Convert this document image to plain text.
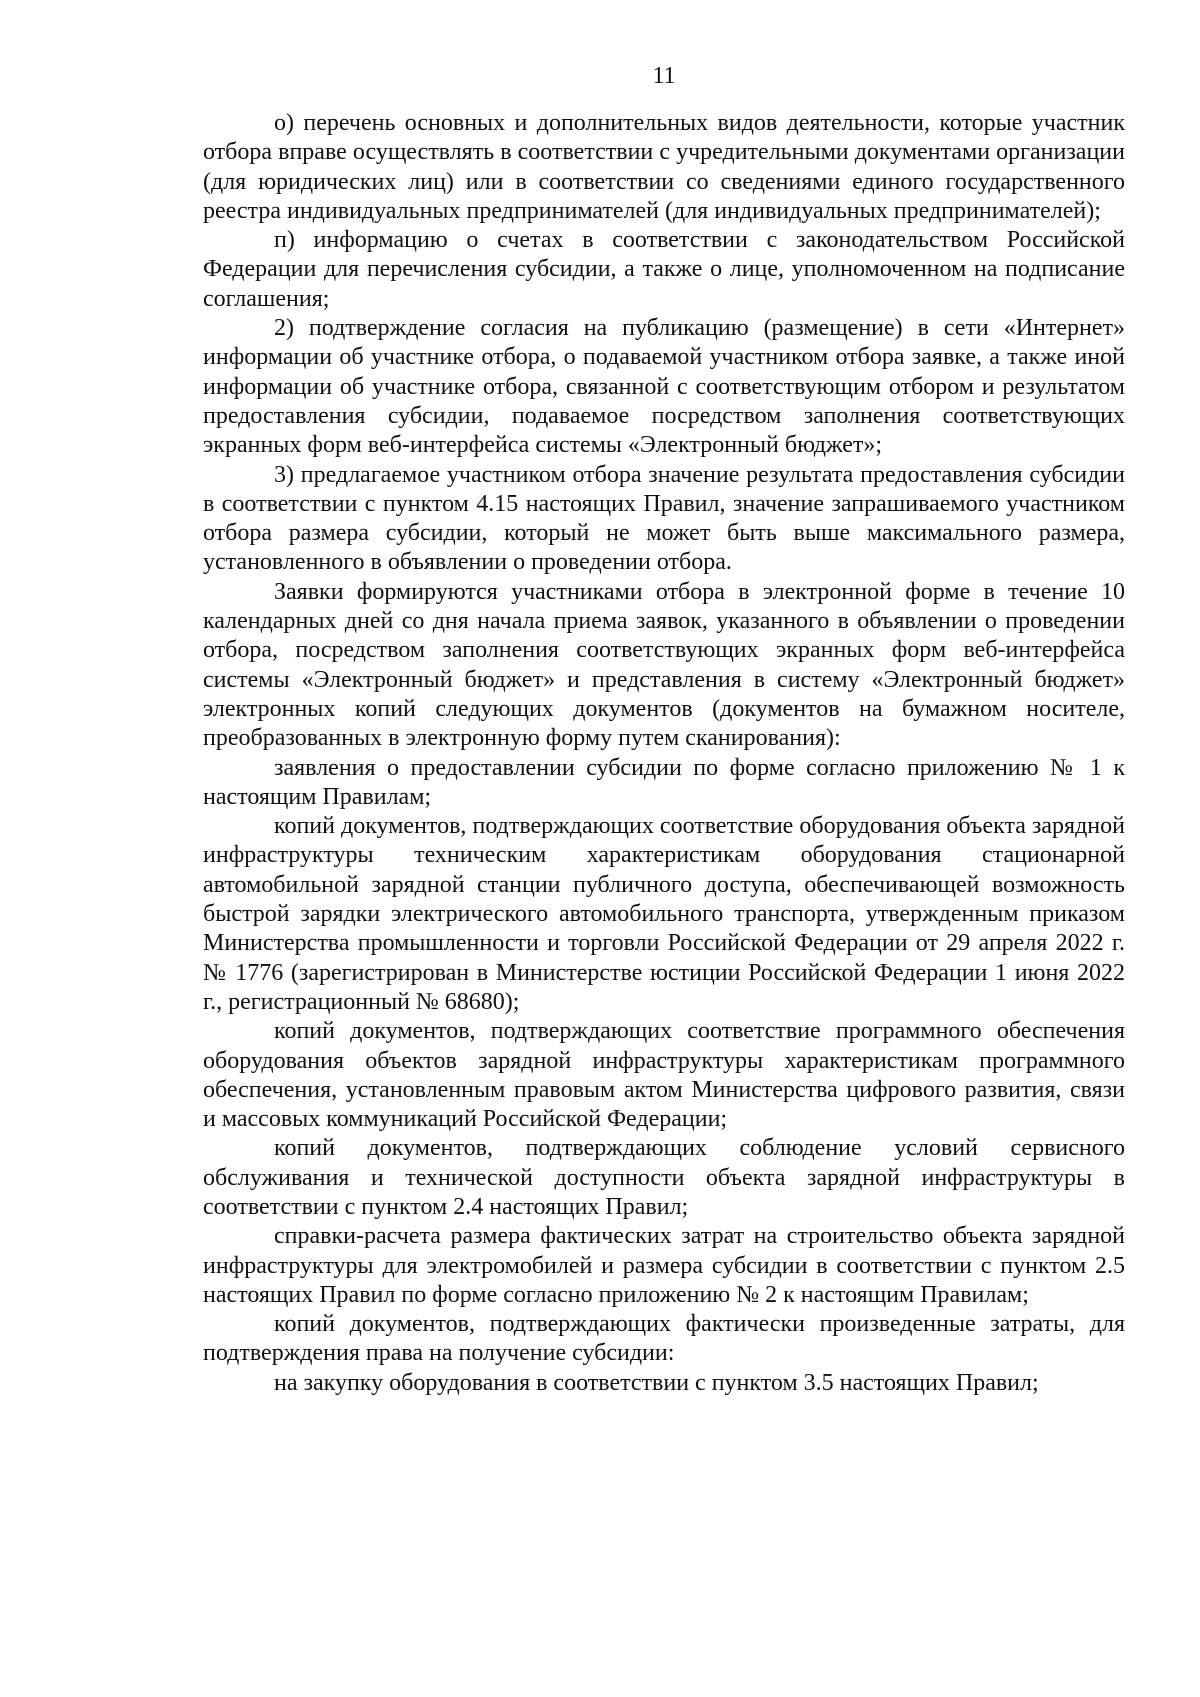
11

о) перечень основных и дополнительных видов деятельности, которые участник отбора вправе осуществлять в соответствии с учредительными документами организации (для юридических лиц) или в соответствии со сведениями единого государственного реестра индивидуальных предпринимателей (для индивидуальных предпринимателей);

п) информацию о счетах в соответствии с законодательством Российской Федерации для перечисления субсидии, а также о лице, уполномоченном на подписание соглашения;

2) подтверждение согласия на публикацию (размещение) в сети «Интернет» информации об участнике отбора, о подаваемой участником отбора заявке, а также иной информации об участнике отбора, связанной с соответствующим отбором и результатом предоставления субсидии, подаваемое посредством заполнения соответствующих экранных форм веб-интерфейса системы «Электронный бюджет»;

3) предлагаемое участником отбора значение результата предоставления субсидии в соответствии с пунктом 4.15 настоящих Правил, значение запрашиваемого участником отбора размера субсидии, который не может быть выше максимального размера, установленного в объявлении о проведении отбора.

Заявки формируются участниками отбора в электронной форме в течение 10 календарных дней со дня начала приема заявок, указанного в объявлении о проведении отбора, посредством заполнения соответствующих экранных форм веб-интерфейса системы «Электронный бюджет» и представления в систему «Электронный бюджет» электронных копий следующих документов (документов на бумажном носителе, преобразованных в электронную форму путем сканирования):

заявления о предоставлении субсидии по форме согласно приложению № 1 к настоящим Правилам;

копий документов, подтверждающих соответствие оборудования объекта зарядной инфраструктуры техническим характеристикам оборудования стационарной автомобильной зарядной станции публичного доступа, обеспечивающей возможность быстрой зарядки электрического автомобильного транспорта, утвержденным приказом Министерства промышленности и торговли Российской Федерации от 29 апреля 2022 г. № 1776 (зарегистрирован в Министерстве юстиции Российской Федерации 1 июня 2022 г., регистрационный № 68680);

копий документов, подтверждающих соответствие программного обеспечения оборудования объектов зарядной инфраструктуры характеристикам программного обеспечения, установленным правовым актом Министерства цифрового развития, связи и массовых коммуникаций Российской Федерации;

копий документов, подтверждающих соблюдение условий сервисного обслуживания и технической доступности объекта зарядной инфраструктуры в соответствии с пунктом 2.4 настоящих Правил;

справки-расчета размера фактических затрат на строительство объекта зарядной инфраструктуры для электромобилей и размера субсидии в соответствии с пунктом 2.5 настоящих Правил по форме согласно приложению № 2 к настоящим Правилам;

копий документов, подтверждающих фактически произведенные затраты, для подтверждения права на получение субсидии:

на закупку оборудования в соответствии с пунктом 3.5 настоящих Правил;
